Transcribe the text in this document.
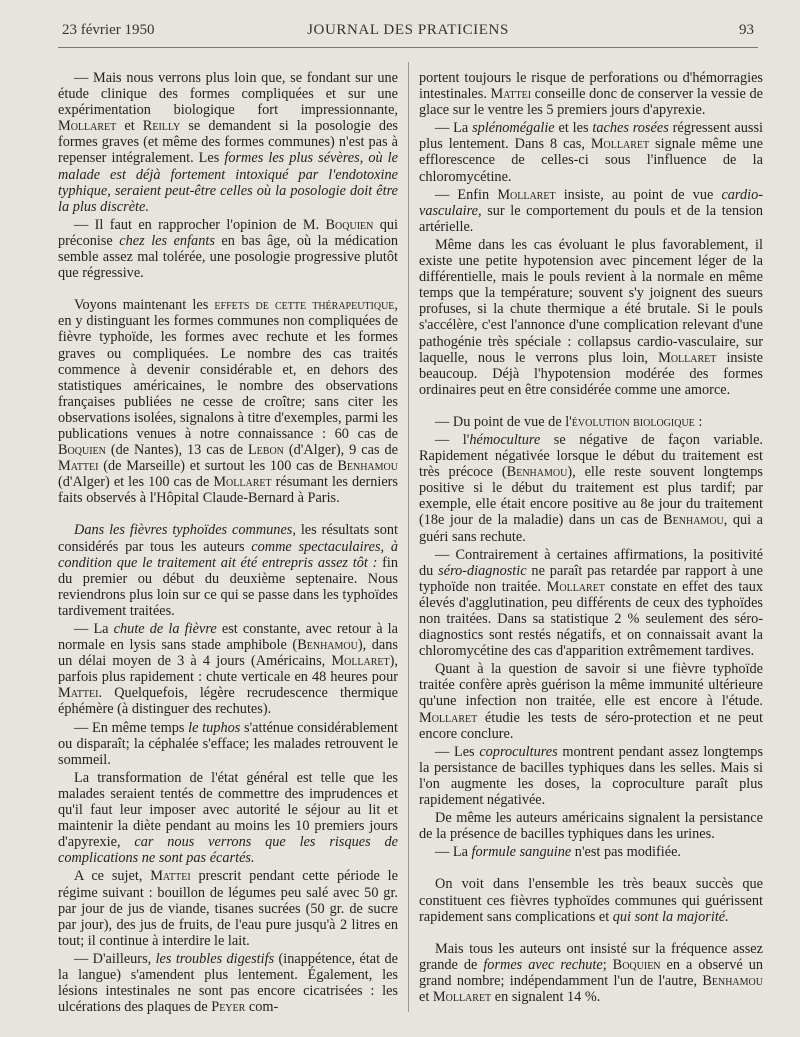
23 février 1950	JOURNAL DES PRATICIENS	93

— Mais nous verrons plus loin que, se fondant sur une étude clinique des formes compliquées et sur une expérimentation biologique fort impressionnante, Mollaret et Reilly se demandent si la posologie des formes graves (et même des formes communes) n'est pas à repenser intégralement. Les formes les plus sévères, où le malade est déjà fortement intoxiqué par l'endotoxine typhique, seraient peut-être celles où la posologie doit être la plus discrète.

— Il faut en rapprocher l'opinion de M. Boquien qui préconise chez les enfants en bas âge, où la médication semble assez mal tolérée, une posologie progressive plutôt que régressive.

Voyons maintenant les effets de cette thérapeutique, en y distinguant les formes communes non compliquées de fièvre typhoïde, les formes avec rechute et les formes graves ou compliquées. Le nombre des cas traités commence à devenir considérable et, en dehors des statistiques américaines, le nombre des observations françaises publiées ne cesse de croître; sans citer les observations isolées, signalons à titre d'exemples, parmi les publications venues à notre connaissance : 60 cas de Boquien (de Nantes), 13 cas de Lebon (d'Alger), 9 cas de Mattei (de Marseille) et surtout les 100 cas de Benhamou (d'Alger) et les 100 cas de Mollaret résumant les derniers faits observés à l'Hôpital Claude-Bernard à Paris.

Dans les fièvres typhoïdes communes, les résultats sont considérés par tous les auteurs comme spectaculaires, à condition que le traitement ait été entrepris assez tôt : fin du premier ou début du deuxième septenaire. Nous reviendrons plus loin sur ce qui se passe dans les typhoïdes tardivement traitées.

— La chute de la fièvre est constante, avec retour à la normale en lysis sans stade amphibole (Benhamou), dans un délai moyen de 3 à 4 jours (Américains, Mollaret), parfois plus rapidement : chute verticale en 48 heures pour Mattei. Quelquefois, légère recrudescence thermique éphémère (à distinguer des rechutes).

— En même temps le tuphos s'atténue considérablement ou disparaît; la céphalée s'efface; les malades retrouvent le sommeil.

La transformation de l'état général est telle que les malades seraient tentés de commettre des imprudences et qu'il faut leur imposer avec autorité le séjour au lit et maintenir la diète pendant au moins les 10 premiers jours d'apyrexie, car nous verrons que les risques de complications ne sont pas écartés.

A ce sujet, Mattei prescrit pendant cette période le régime suivant : bouillon de légumes peu salé avec 50 gr. par jour de jus de viande, tisanes sucrées (50 gr. de sucre par jour), des jus de fruits, de l'eau pure jusqu'à 2 litres en tout; il continue à interdire le lait.

— D'ailleurs, les troubles digestifs (inappétence, état de la langue) s'amendent plus lentement. Également, les lésions intestinales ne sont pas encore cicatrisées : les ulcérations des plaques de Peyer com-

portent toujours le risque de perforations ou d'hémorragies intestinales. Mattei conseille donc de conserver la vessie de glace sur le ventre les 5 premiers jours d'apyrexie.

— La splénomégalie et les taches rosées régressent aussi plus lentement. Dans 8 cas, Mollaret signale même une efflorescence de celles-ci sous l'influence de la chloromycétine.

— Enfin Mollaret insiste, au point de vue cardio-vasculaire, sur le comportement du pouls et de la tension artérielle.

Même dans les cas évoluant le plus favorablement, il existe une petite hypotension avec pincement léger de la différentielle, mais le pouls revient à la normale en même temps que la température; souvent s'y joignent des sueurs profuses, si la chute thermique a été brutale. Si le pouls s'accélère, c'est l'annonce d'une complication relevant d'une pathogénie très spéciale : collapsus cardio-vasculaire, sur laquelle, nous le verrons plus loin, Mollaret insiste beaucoup. Déjà l'hypotension modérée des formes ordinaires peut en être considérée comme une amorce.

— Du point de vue de l'évolution biologique :

— l'hémoculture se négative de façon variable. Rapidement négativée lorsque le début du traitement est très précoce (Benhamou), elle reste souvent longtemps positive si le début du traitement est plus tardif; par exemple, elle était encore positive au 8e jour du traitement (18e jour de la maladie) dans un cas de Benhamou, qui a guéri sans rechute.

— Contrairement à certaines affirmations, la positivité du séro-diagnostic ne paraît pas retardée par rapport à une typhoïde non traitée. Mollaret constate en effet des taux élevés d'agglutination, peu différents de ceux des typhoïdes non traitées. Dans sa statistique 2 % seulement des séro-diagnostics sont restés négatifs, et on connaissait avant la chloromycétine des cas d'apparition extrêmement tardives.

Quant à la question de savoir si une fièvre typhoïde traitée confère après guérison la même immunité ultérieure qu'une infection non traitée, elle est encore à l'étude. Mollaret étudie les tests de séro-protection et ne peut encore conclure.

— Les coprocultures montrent pendant assez longtemps la persistance de bacilles typhiques dans les selles. Mais si l'on augmente les doses, la coproculture paraît plus rapidement négativée.

De même les auteurs américains signalent la persistance de la présence de bacilles typhiques dans les urines.

— La formule sanguine n'est pas modifiée.

On voit dans l'ensemble les très beaux succès que constituent ces fièvres typhoïdes communes qui guérissent rapidement sans complications et qui sont la majorité.

Mais tous les auteurs ont insisté sur la fréquence assez grande de formes avec rechute; Boquien en a observé un grand nombre; indépendamment l'un de l'autre, Benhamou et Mollaret en signalent 14 %.
